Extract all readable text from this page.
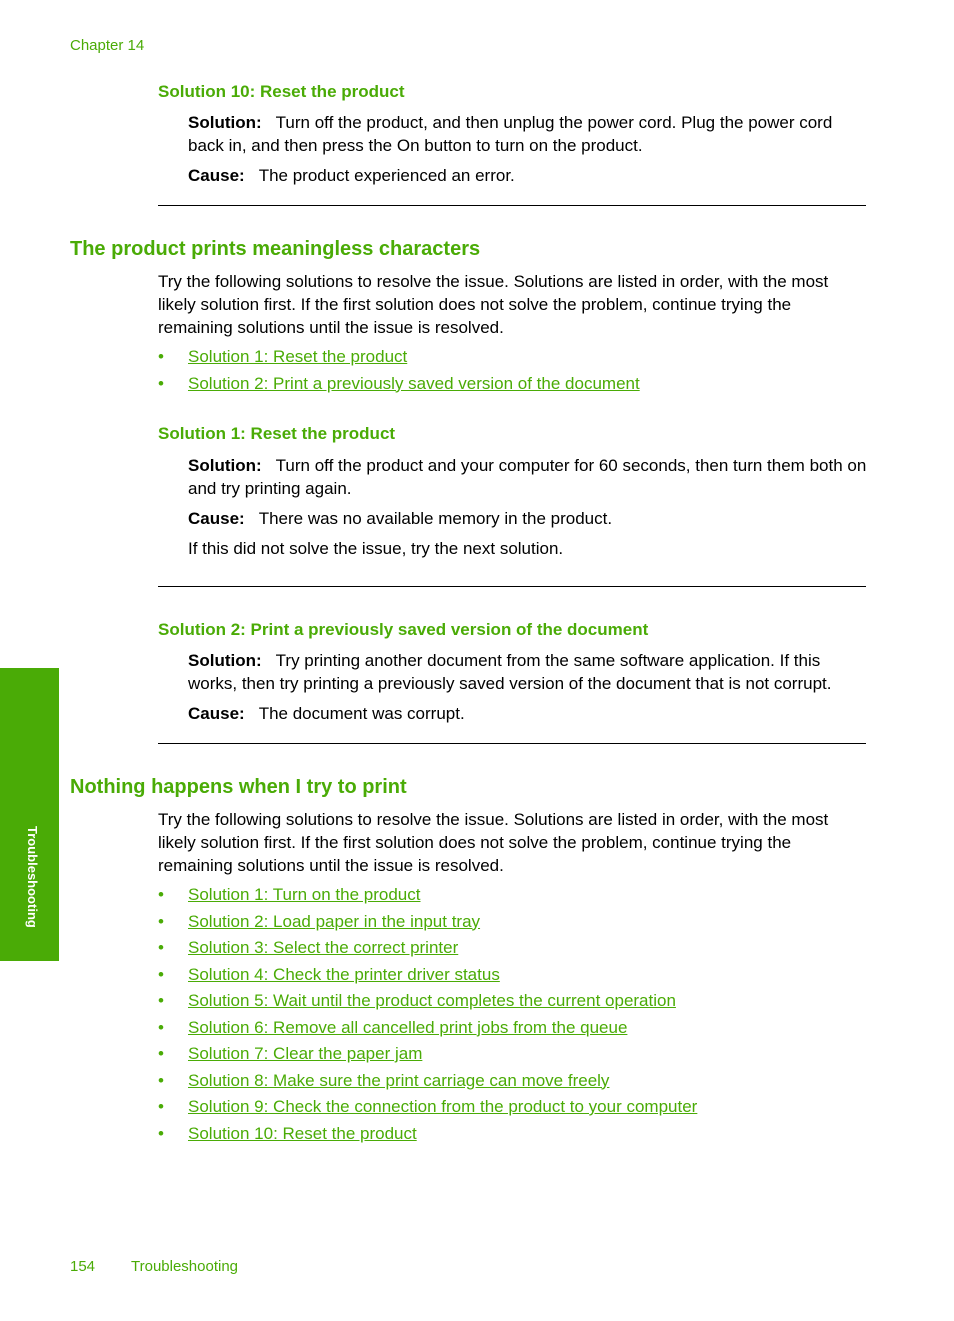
Chapter 14
Solution 10: Reset the product
Solution: Turn off the product, and then unplug the power cord. Plug the power cord back in, and then press the On button to turn on the product.
Cause: The product experienced an error.
The product prints meaningless characters
Try the following solutions to resolve the issue. Solutions are listed in order, with the most likely solution first. If the first solution does not solve the problem, continue trying the remaining solutions until the issue is resolved.
• Solution 1: Reset the product
• Solution 2: Print a previously saved version of the document
Solution 1: Reset the product
Solution: Turn off the product and your computer for 60 seconds, then turn them both on and try printing again.
Cause: There was no available memory in the product.
If this did not solve the issue, try the next solution.
Solution 2: Print a previously saved version of the document
Solution: Try printing another document from the same software application. If this works, then try printing a previously saved version of the document that is not corrupt.
Cause: The document was corrupt.
Nothing happens when I try to print
Try the following solutions to resolve the issue. Solutions are listed in order, with the most likely solution first. If the first solution does not solve the problem, continue trying the remaining solutions until the issue is resolved.
• Solution 1: Turn on the product
• Solution 2: Load paper in the input tray
• Solution 3: Select the correct printer
• Solution 4: Check the printer driver status
• Solution 5: Wait until the product completes the current operation
• Solution 6: Remove all cancelled print jobs from the queue
• Solution 7: Clear the paper jam
• Solution 8: Make sure the print carriage can move freely
• Solution 9: Check the connection from the product to your computer
• Solution 10: Reset the product
Troubleshooting
154 Troubleshooting
